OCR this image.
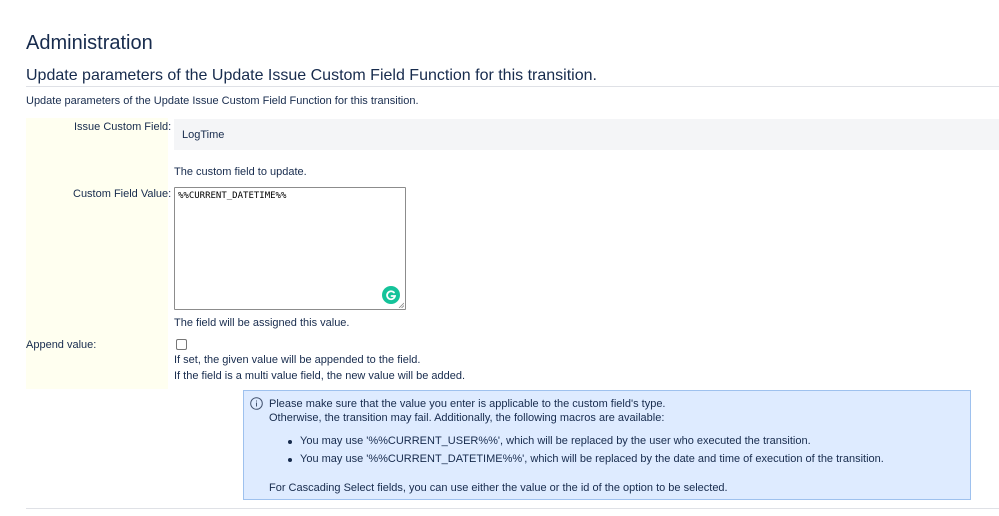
Administration
Update parameters of the Update Issue Custom Field Function for this transition.
Update parameters of the Update Issue Custom Field Function for this transition.
Issue Custom Field:
LogTime
The custom field to update.
Custom Field Value: %%CURRENT_DATETIME%%
The field will be assigned this value.
Append value:
If set, the given value will be appended to the field.
If the field is a multi value field, the new value will be added.
Please make sure that the value you enter is applicable to the custom field's type.
Otherwise, the transition may fail. Additionally, the following macros are available:
You may use '%%CURRENT_USER%%', which will be replaced by the user who executed the transition.
You may use '%%CURRENT_DATETIME%%', which will be replaced by the date and time of execution of the transition.
For Cascading Select fields, you can use either the value or the id of the option to be selected.
